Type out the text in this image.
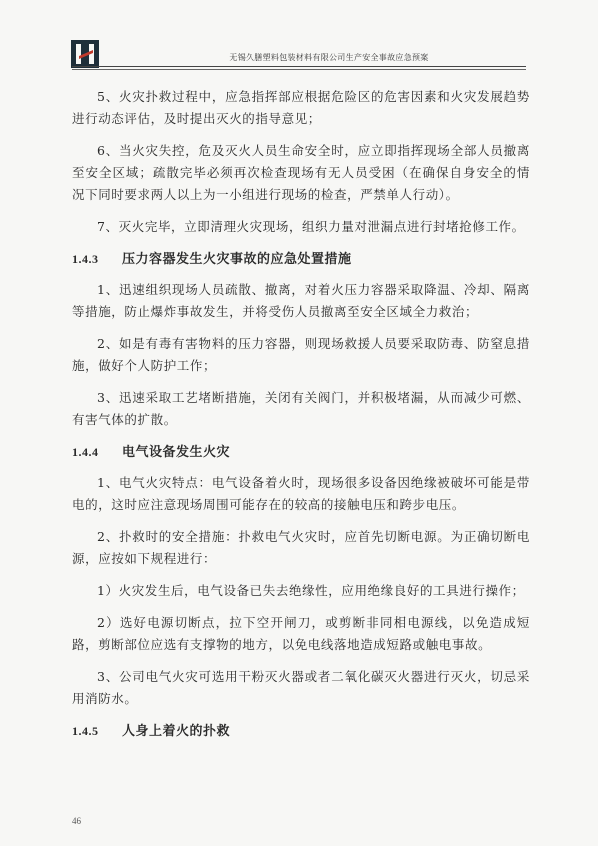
无锡久膳塑料包装材料有限公司生产安全事故应急预案

5、火灾扑救过程中，应急指挥部应根据危险区的危害因素和火灾发展趋势进行动态评估，及时提出灭火的指导意见；

6、当火灾失控，危及灭火人员生命安全时，应立即指挥现场全部人员撤离至安全区域；疏散完毕必须再次检查现场有无人员受困（在确保自身安全的情况下同时要求两人以上为一小组进行现场的检查，严禁单人行动）。

7、灭火完毕，立即清理火灾现场，组织力量对泄漏点进行封堵抢修工作。

1.4.3 压力容器发生火灾事故的应急处置措施

1、迅速组织现场人员疏散、撤离，对着火压力容器采取降温、冷却、隔离等措施，防止爆炸事故发生，并将受伤人员撤离至安全区域全力救治；

2、如是有毒有害物料的压力容器，则现场救援人员要采取防毒、防窒息措施，做好个人防护工作；

3、迅速采取工艺堵断措施，关闭有关阀门，并积极堵漏，从而减少可燃、有害气体的扩散。

1.4.4 电气设备发生火灾

1、电气火灾特点：电气设备着火时，现场很多设备因绝缘被破坏可能是带电的，这时应注意现场周围可能存在的较高的接触电压和跨步电压。

2、扑救时的安全措施：扑救电气火灾时，应首先切断电源。为正确切断电源，应按如下规程进行：

1）火灾发生后，电气设备已失去绝缘性，应用绝缘良好的工具进行操作；

2）选好电源切断点，拉下空开闸刀，或剪断非同相电源线，以免造成短路，剪断部位应选有支撑物的地方，以免电线落地造成短路或触电事故。

3、公司电气火灾可选用干粉灭火器或者二氧化碳灭火器进行灭火，切忌采用消防水。

1.4.5 人身上着火的扑救
46
